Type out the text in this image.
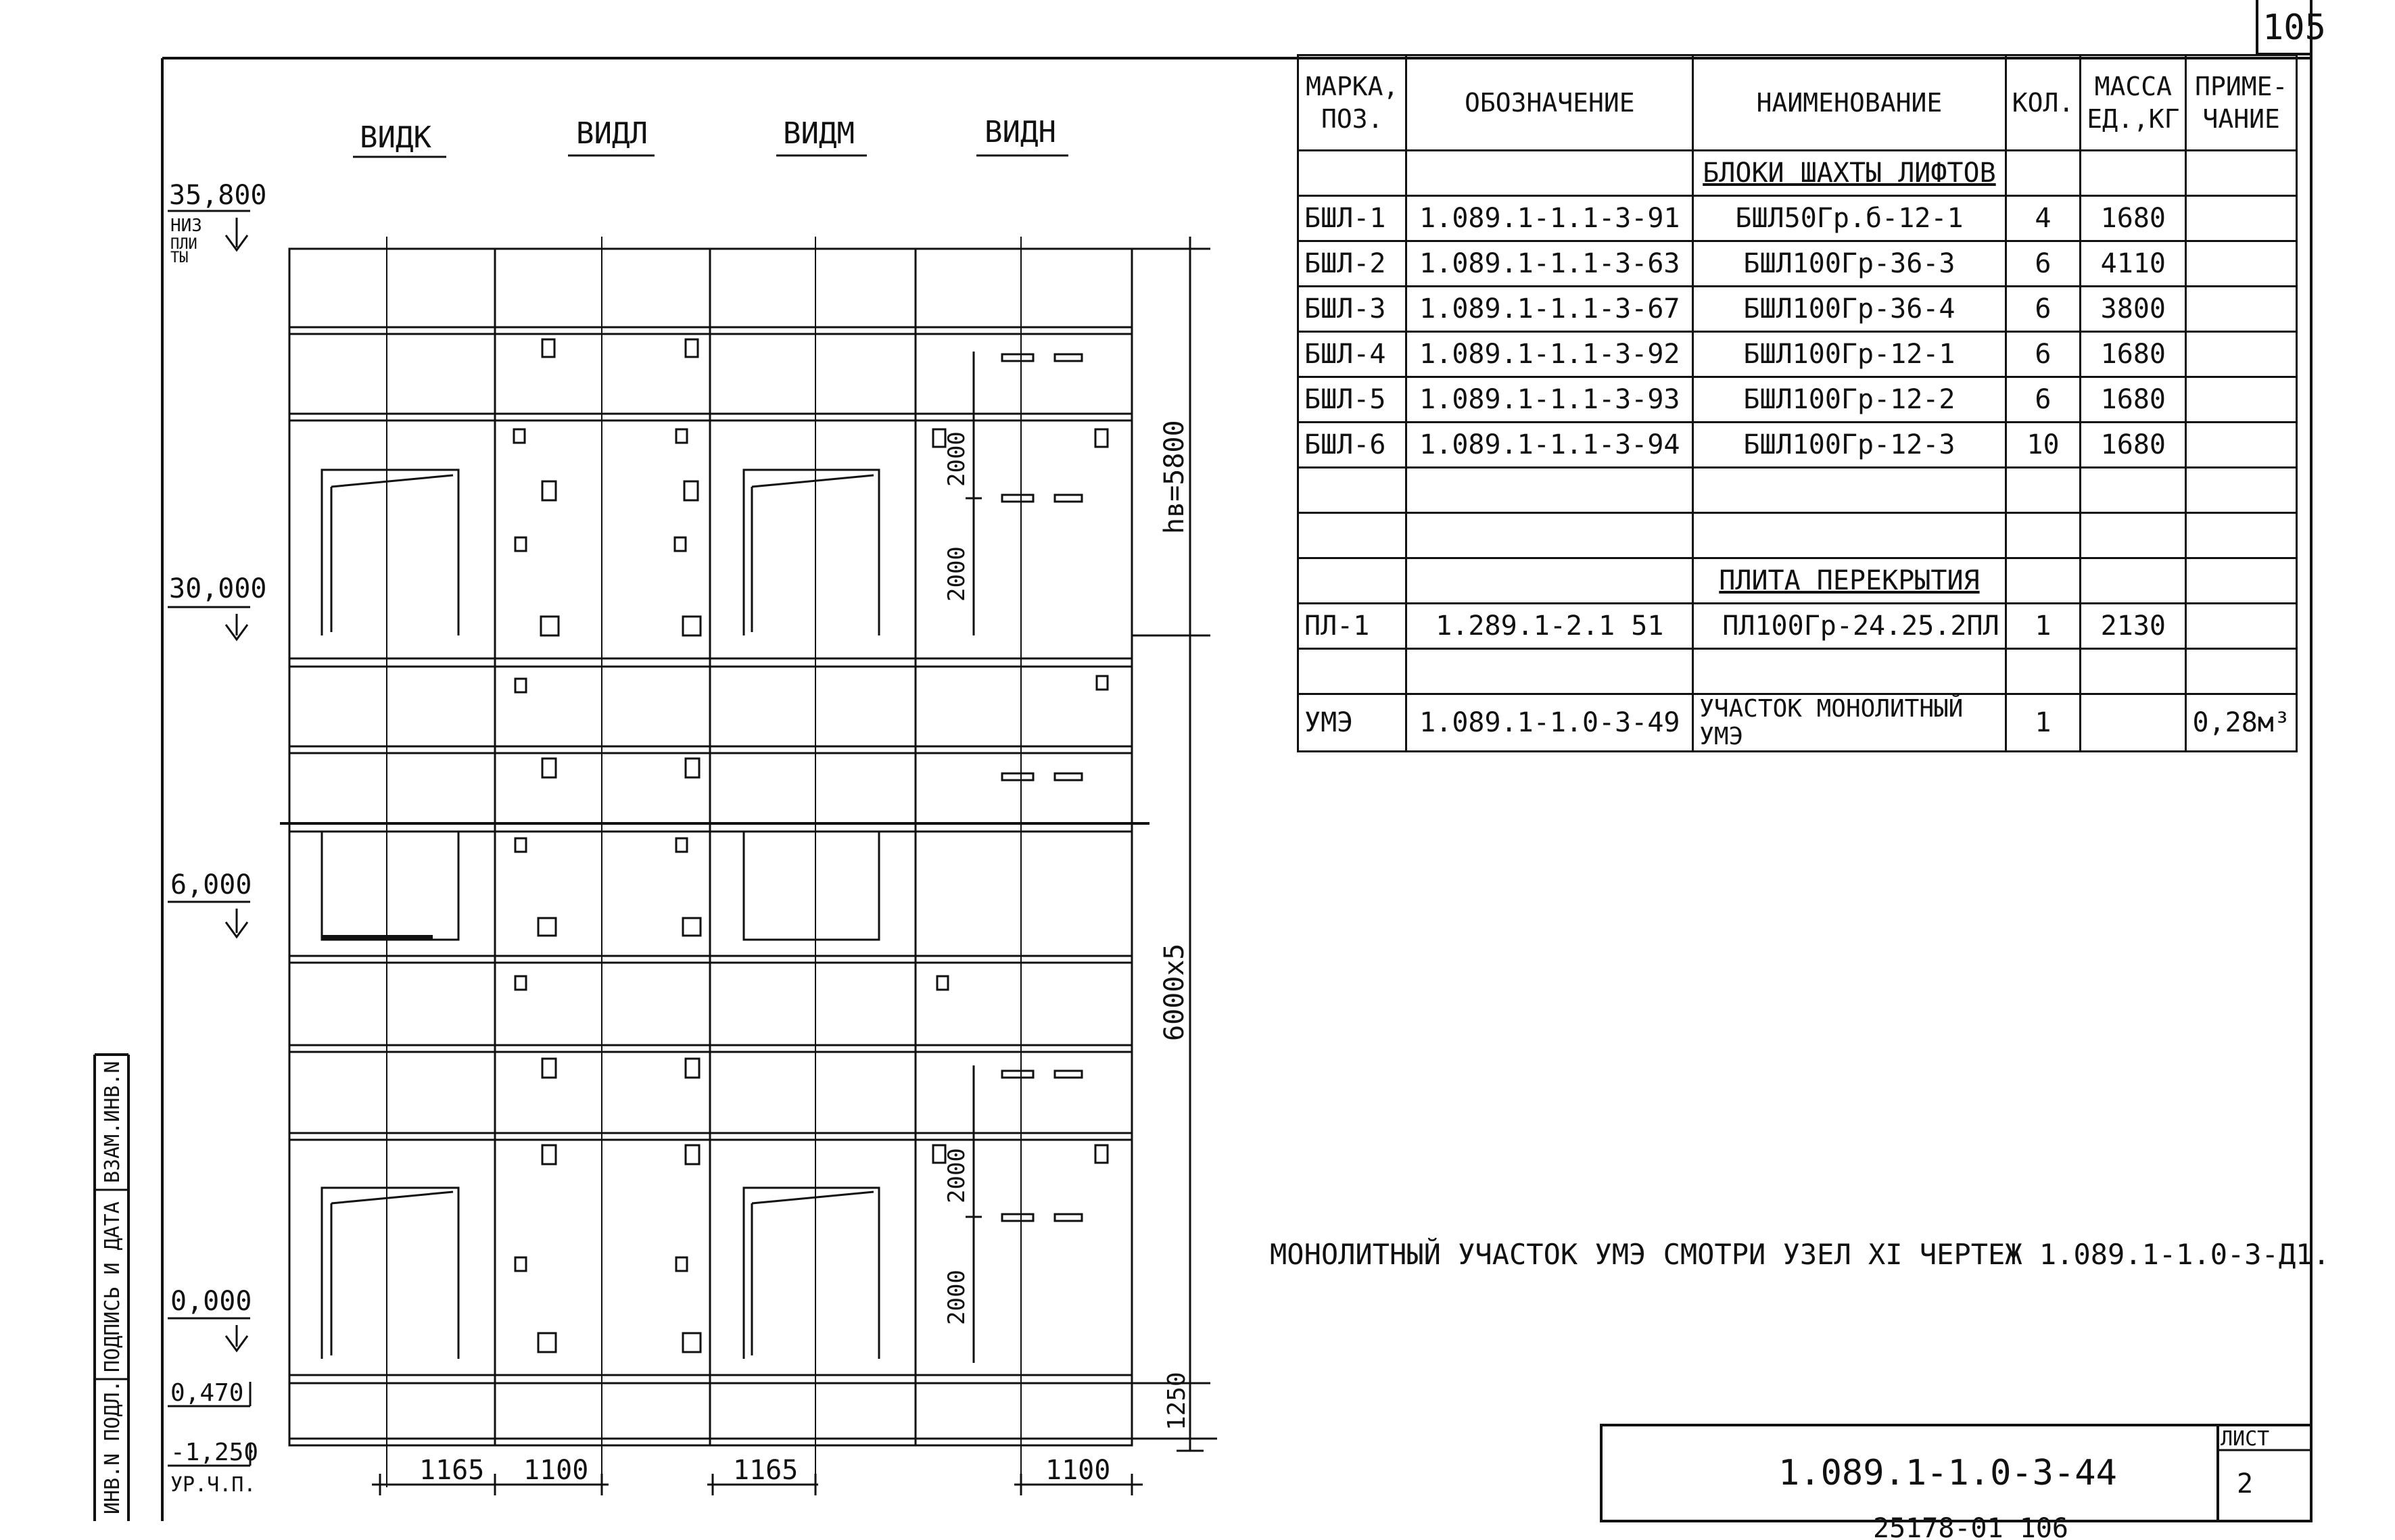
105
ВИДК	ВИДЛ	ВИДМ	ВИДН
35,800
НИЗ
ПЛИ
ТЫ
30,000
6,000
0,000
0,470
-1,250
УР.Ч.П.
hв=5800
6000x5
1250
2000
2000
2000
2000
1165 1100	1165	1100
ИНВ.N ПОДЛ.
ПОДПИСЬ И ДАТА
ВЗАМ.ИНВ.N
МОНОЛИТНЫЙ УЧАСТОК УМЭ СМОТРИ УЗЕЛ XI ЧЕРТЕЖ 1.089.1-1.0-3-Д1.
1.089.1-1.0-3-44
ЛИСТ
2
25178-01 106
МАРКА, ПОЗ.	ОБОЗНАЧЕНИЕ	НАИМЕНОВАНИЕ	КОЛ.	МАССА ЕД.,КГ	ПРИМЕ-ЧАНИЕ
		БЛОКИ ШАХТЫ ЛИФТОВ			
БШЛ-1	1.089.1-1.1-3-91	БШЛ50Гр.б-12-1	4	1680	
БШЛ-2	1.089.1-1.1-3-63	БШЛ100Гр-36-3	6	4110	
БШЛ-3	1.089.1-1.1-3-67	БШЛ100Гр-36-4	6	3800	
БШЛ-4	1.089.1-1.1-3-92	БШЛ100Гр-12-1	6	1680	
БШЛ-5	1.089.1-1.1-3-93	БШЛ100Гр-12-2	6	1680	
БШЛ-6	1.089.1-1.1-3-94	БШЛ100Гр-12-3	10	1680	

		ПЛИТА ПЕРЕКРЫТИЯ			
ПЛ-1	1.289.1-2.1 51	ПЛ100Гр-24.25.2ПЛ	1	2130	

УМЭ	1.089.1-1.0-3-49	УЧАСТОК МОНОЛИТНЫЙ УМЭ	1		0,28м³
